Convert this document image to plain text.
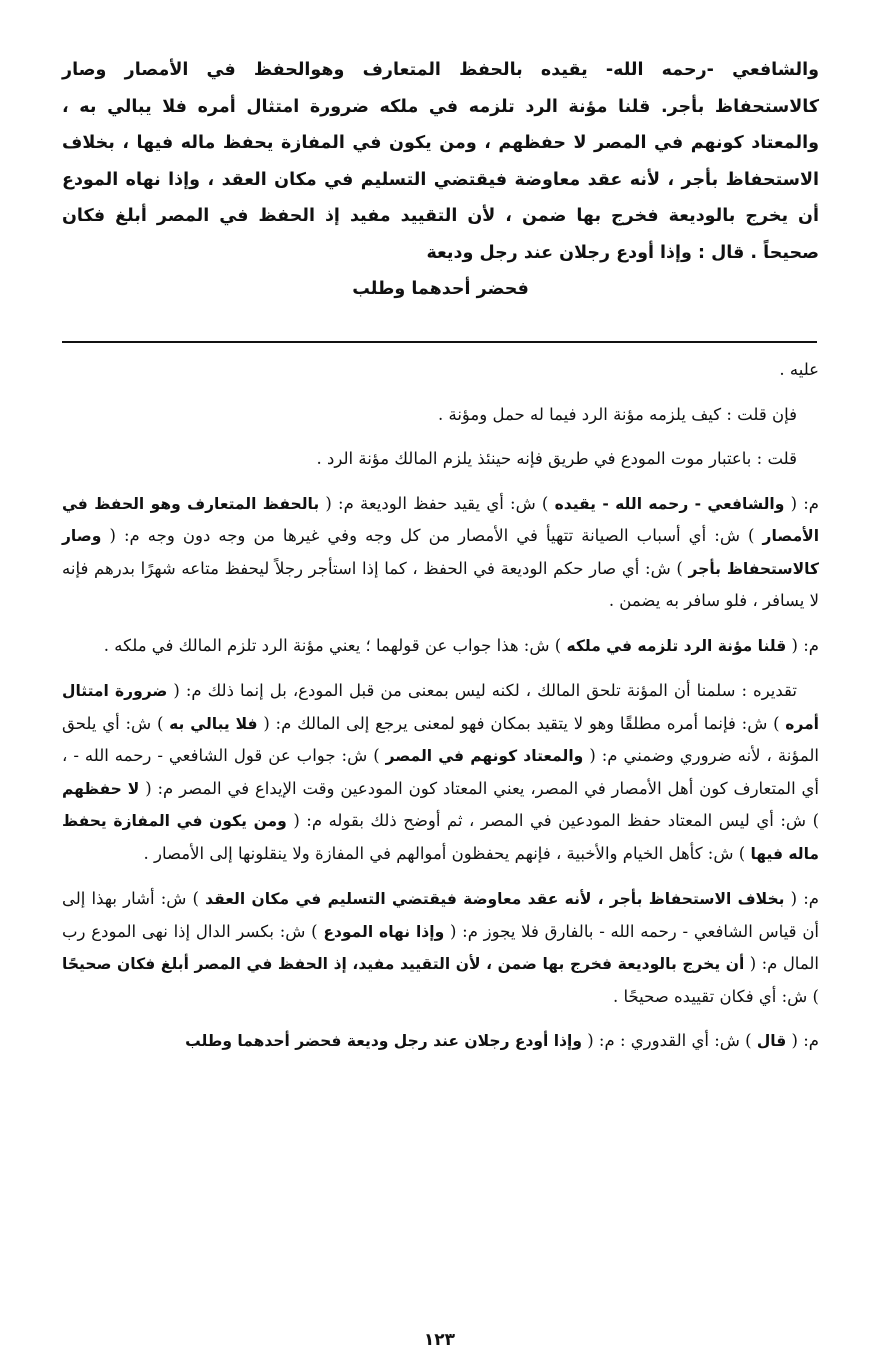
والشافعي -رحمه الله- يقيده بالحفظ المتعارف وهوالحفظ في الأمصار وصار كالاستحفاظ بأجر. قلنا مؤنة الرد تلزمه في ملكه ضرورة امتثال أمره فلا يبالي به ، والمعتاد كونهم في المصر لا حفظهم ، ومن يكون في المفازة يحفظ ماله فيها ، بخلاف الاستحفاظ بأجر ، لأنه عقد معاوضة فيقتضي التسليم في مكان العقد ، وإذا نهاه المودع أن يخرج بالوديعة فخرج بها ضمن ، لأن التقييد مفيد إذ الحفظ في المصر أبلغ فكان صحيحاً . قال : وإذا أودع رجلان عند رجل وديعة
فحضر أحدهما وطلب

عليه .

فإن قلت : كيف يلزمه مؤنة الرد فيما له حمل ومؤنة .

قلت : باعتبار موت المودع في طريق فإنه حينئذ يلزم المالك مؤنة الرد .

م: ( والشافعي - رحمه الله - يقيده ) ش: أي يقيد حفظ الوديعة م: ( بالحفظ المتعارف وهو الحفظ في الأمصار ) ش: أي أسباب الصيانة تتهيأ في الأمصار من كل وجه وفي غيرها من وجه دون وجه م: ( وصار كالاستحفاظ بأجر ) ش: أي صار حكم الوديعة في الحفظ ، كما إذا استأجر رجلاً ليحفظ متاعه شهرًا بدرهم فإنه لا يسافر ، فلو سافر به يضمن .

م: ( قلنا مؤنة الرد تلزمه في ملكه ) ش: هذا جواب عن قولهما ؛ يعني مؤنة الرد تلزم المالك في ملكه .

تقديره : سلمنا أن المؤنة تلحق المالك ، لكنه ليس بمعنى من قبل المودع، بل إنما ذلك م: ( ضرورة امتثال أمره ) ش: فإنما أمره مطلقًا وهو لا يتقيد بمكان فهو لمعنى يرجع إلى المالك م: ( فلا يبالي به ) ش: أي يلحق المؤنة ، لأنه ضروري وضمني م: ( والمعتاد كونهم في المصر ) ش: جواب عن قول الشافعي - رحمه الله - ، أي المتعارف كون أهل الأمصار في المصر، يعني المعتاد كون المودعين وقت الإيداع في المصر م: ( لا حفظهم ) ش: أي ليس المعتاد حفظ المودعين في المصر ، ثم أوضح ذلك بقوله م: ( ومن يكون في المفازة يحفظ ماله فيها ) ش: كأهل الخيام والأخبية ، فإنهم يحفظون أموالهم في المفازة ولا ينقلونها إلى الأمصار .

م: ( بخلاف الاستحفاظ بأجر ، لأنه عقد معاوضة فيقتضي التسليم في مكان العقد ) ش: أشار بهذا إلى أن قياس الشافعي - رحمه الله - بالفارق فلا يجوز م: ( وإذا نهاه المودع ) ش: بكسر الدال إذا نهى المودع رب المال م: ( أن يخرج بالوديعة فخرج بها ضمن ، لأن التقييد مفيد، إذ الحفظ في المصر أبلغ فكان صحيحًا ) ش: أي فكان تقييده صحيحًا .

م: ( قال ) ش: أي القدوري : م: ( وإذا أودع رجلان عند رجل وديعة فحضر أحدهما وطلب

١٢٣
